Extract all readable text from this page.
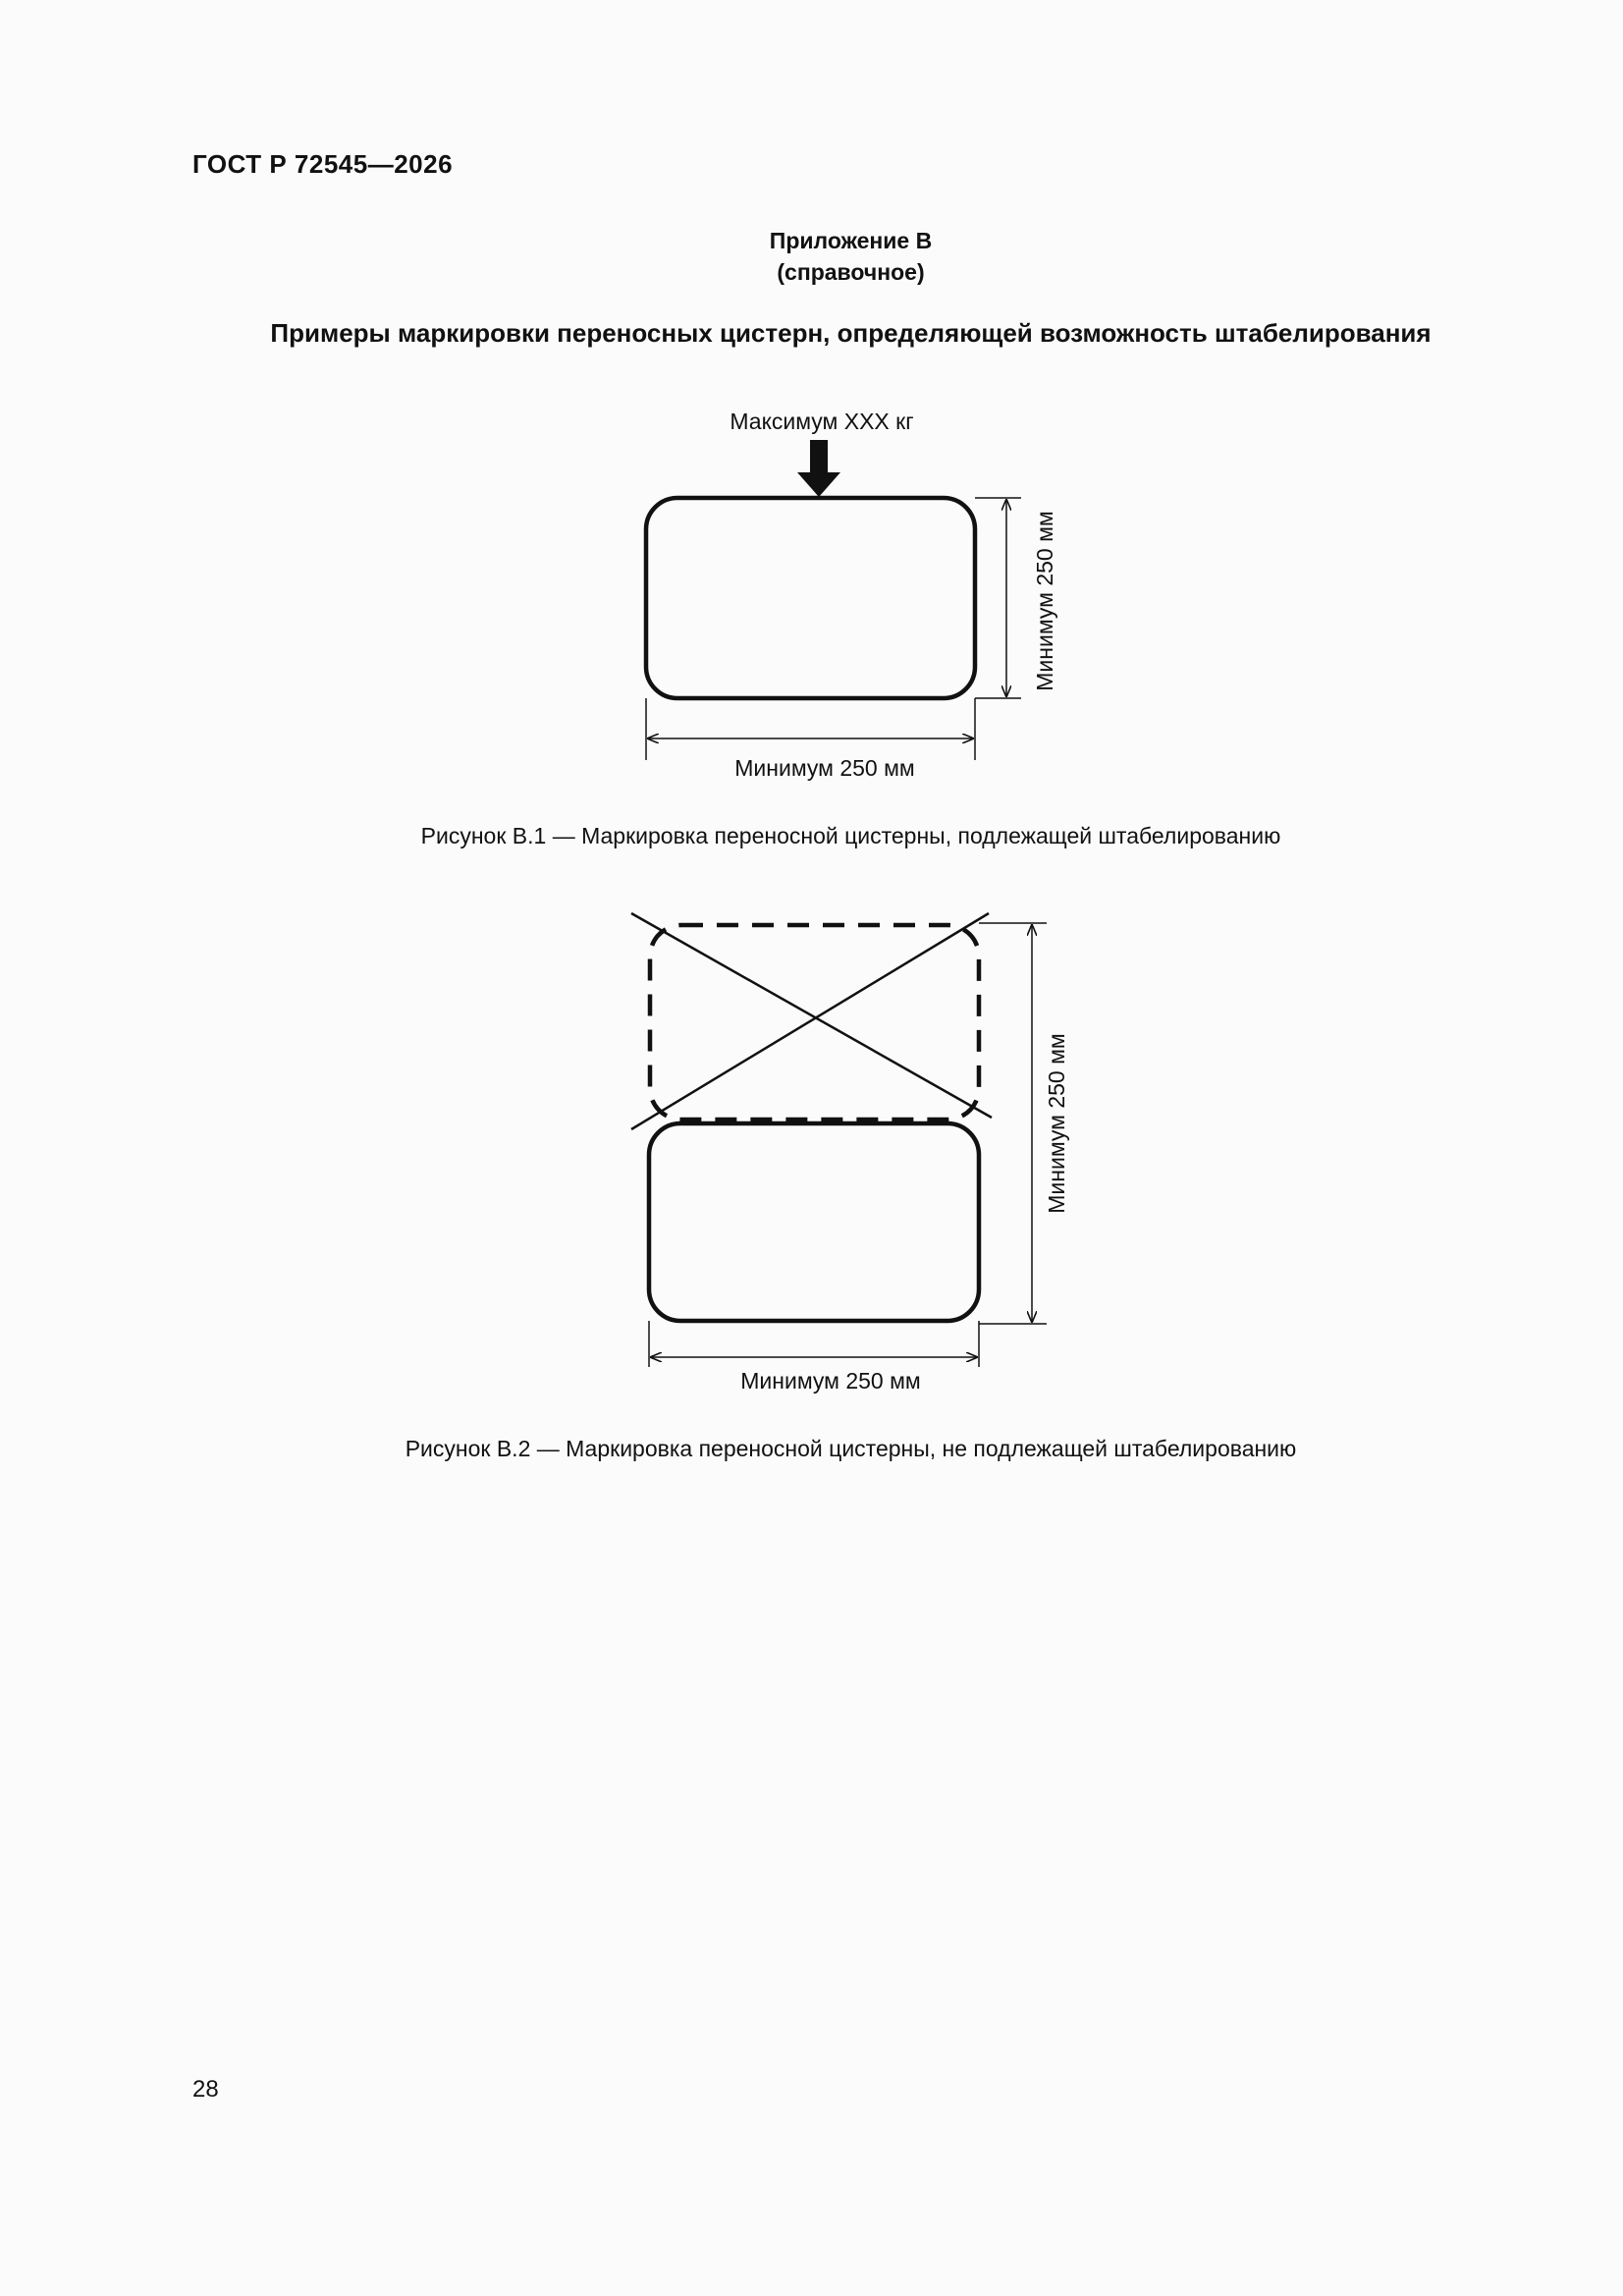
ГОСТ Р 72545—2026
Приложение В
(справочное)
Примеры маркировки переносных цистерн, определяющей возможность штабелирования
Максимум XXX кг
Минимум 250 мм
Минимум 250 мм
Минимум 250 мм
Минимум 250 мм
Рисунок В.1 — Маркировка переносной цистерны, подлежащей штабелированию
Рисунок В.2 — Маркировка переносной цистерны, не подлежащей штабелированию
28
